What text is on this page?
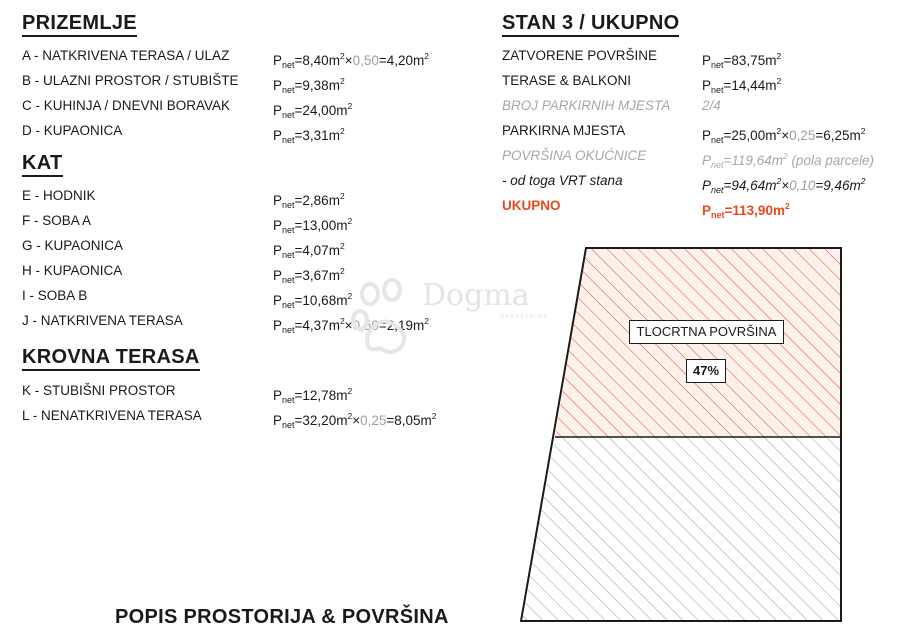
PRIZEMLJE
A - NATKRIVENA TERASA / ULAZ	$P_{net}=8,40m^2\times 0,50=4,20m^2$
B - ULAZNI PROSTOR / STUBIŠTE	$P_{net}=9,38m^2$
C - KUHINJA / DNEVNI BORAVAK	$P_{net}=24,00m^2$
D - KUPAONICA	$P_{net}=3,31m^2$
KAT
E - HODNIK	$P_{net}=2,86m^2$
F - SOBA A	$P_{net}=13,00m^2$
G - KUPAONICA	$P_{net}=4,07m^2$
H - KUPAONICA	$P_{net}=3,67m^2$
I - SOBA B	$P_{net}=10,68m^2$
J - NATKRIVENA TERASA	$P_{net}=4,37m^2\times 0,50=2,19m^2$
KROVNA TERASA
K - STUBIŠNI PROSTOR	$P_{net}=12,78m^2$
L - NENATKRIVENA TERASA	$P_{net}=32,20m^2\times 0,25=8,05m^2$
STAN 3 / UKUPNO
ZATVORENE POVRŠINE	$P_{net}=83,75m^2$
TERASE & BALKONI	$P_{net}=14,44m^2$
BROJ PARKIRNIH MJESTA 2/4
PARKIRNA MJESTA	$P_{net}=25,00m^2\times 0,25=6,25m^2$
POVRŠINA OKUĆNICE	$P_{net}=119,64m^2$ (pola parcele)
- od toga VRT stana	$P_{net}=94,64m^2\times 0,10=9,46m^2$
UKUPNO	$P_{net}=113,90m^2$
Dogma
nekretnine
TLOCRTNA POVRŠINA
47%
POPIS PROSTORIJA & POVRŠINA
